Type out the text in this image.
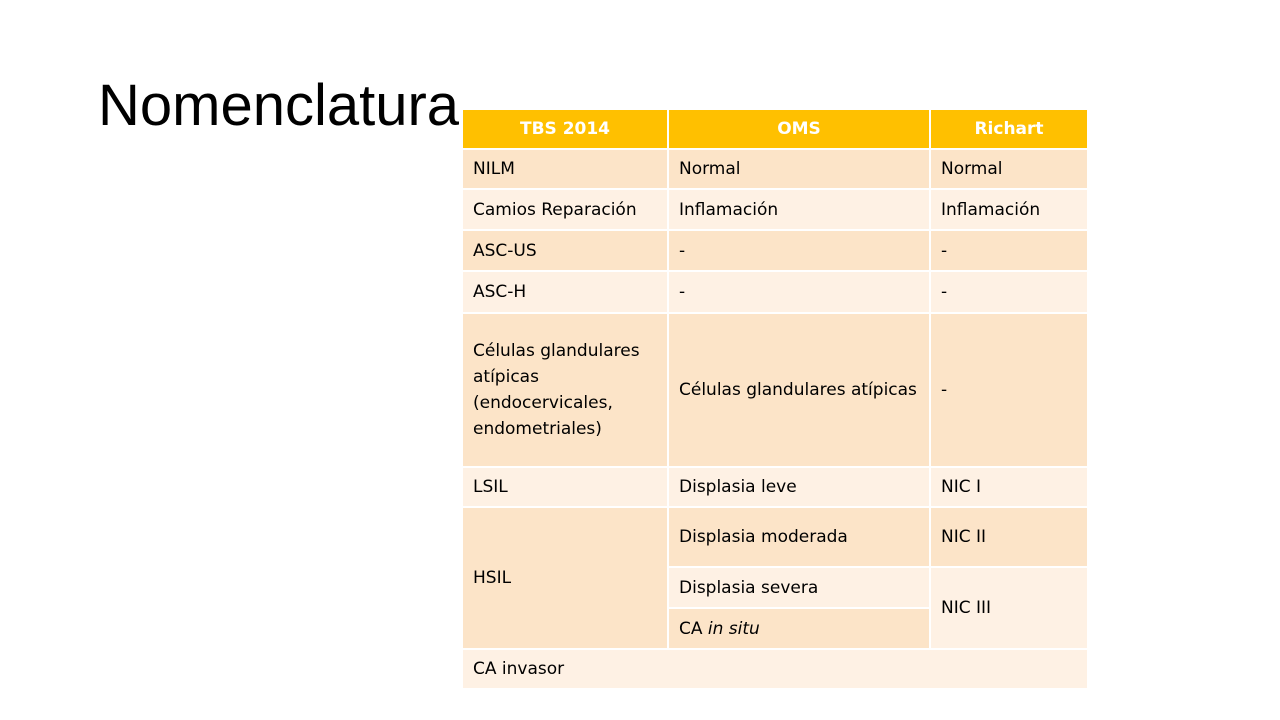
Nomenclatura	TBS 2014	OMS	Richart
NILM	Normal	Normal
Camios Reparación	Inflamación	Inflamación
ASC-US	-	-
ASC-H	-	-

Células glandulares atípicas (endocervicales, endometriales)	Células glandulares atípicas	-

LSIL	Displasia leve	NIC I
HSIL	Displasia moderada	NIC II
	Displasia severa	NIC III
	CA in situ	
CA invasor		
